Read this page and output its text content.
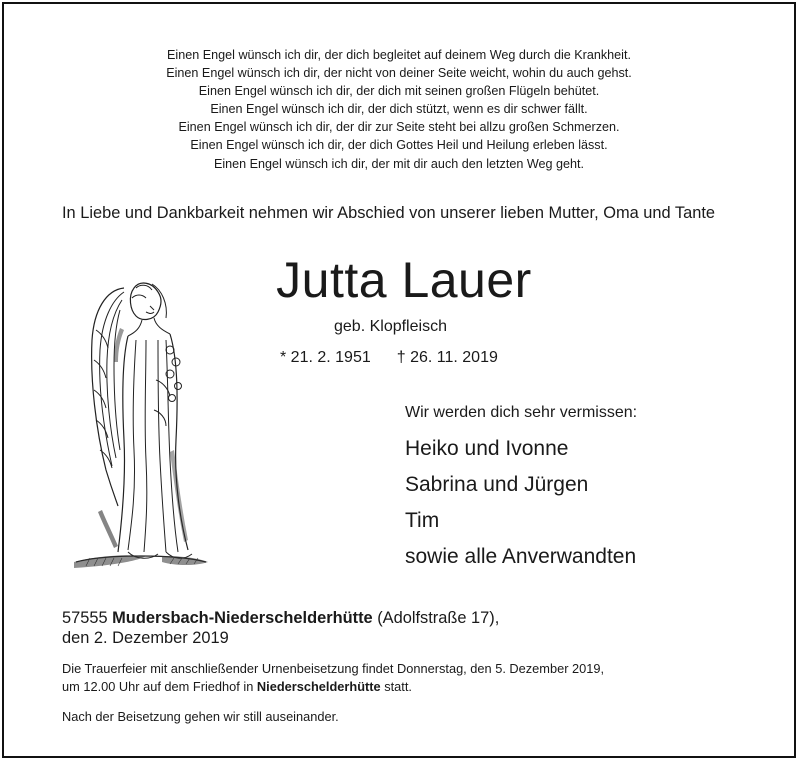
Einen Engel wünsch ich dir, der dich begleitet auf deinem Weg durch die Krankheit.
Einen Engel wünsch ich dir, der nicht von deiner Seite weicht, wohin du auch gehst.
Einen Engel wünsch ich dir, der dich mit seinen großen Flügeln behütet.
Einen Engel wünsch ich dir, der dich stützt, wenn es dir schwer fällt.
Einen Engel wünsch ich dir, der dir zur Seite steht bei allzu großen Schmerzen.
Einen Engel wünsch ich dir, der dich Gottes Heil und Heilung erleben lässt.
Einen Engel wünsch ich dir, der mit dir auch den letzten Weg geht.
In Liebe und Dankbarkeit nehmen wir Abschied von unserer lieben Mutter, Oma und Tante
Jutta Lauer
geb. Klopfleisch
* 21. 2. 1951 † 26. 11. 2019
Wir werden dich sehr vermissen:
Heiko und Ivonne
Sabrina und Jürgen
Tim
sowie alle Anverwandten
57555 Mudersbach-Niederschelderhütte (Adolfstraße 17),
den 2. Dezember 2019
Die Trauerfeier mit anschließender Urnenbeisetzung findet Donnerstag, den 5. Dezember 2019,
um 12.00 Uhr auf dem Friedhof in Niederschelderhütte statt.
Nach der Beisetzung gehen wir still auseinander.
